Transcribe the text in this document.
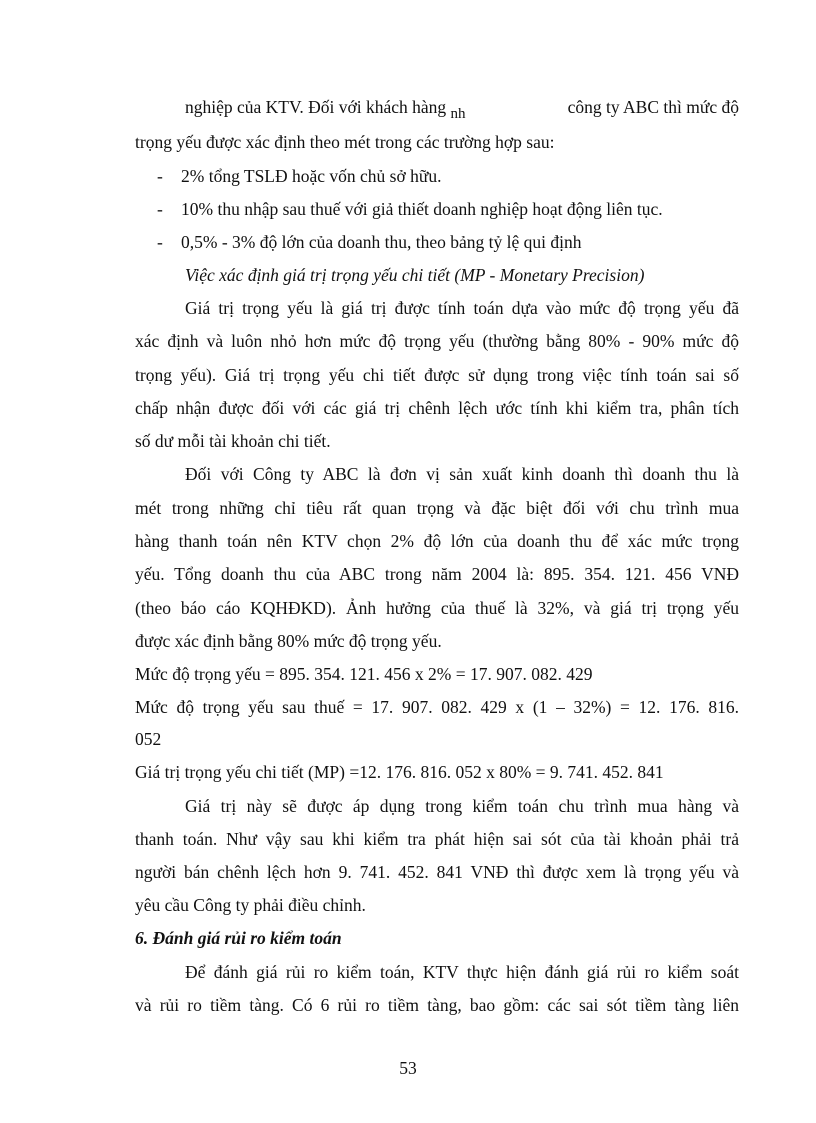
nghiệp của KTV. Đối với khách hàng nh	công ty ABC thì mức độ
trọng yếu được xác định theo mét trong các trường hợp sau:
- 2% tổng TSLĐ hoặc vốn chủ sở hữu.
- 10% thu nhập sau thuế với giả thiết doanh nghiệp hoạt động liên tục.
- 0,5% - 3% độ lớn của doanh thu, theo bảng tỷ lệ qui định
Việc xác định giá trị trọng yếu chi tiết (MP - Monetary Precision)
Giá trị trọng yếu là giá trị được tính toán dựa vào mức độ trọng yếu đã
xác định và luôn nhỏ hơn mức độ trọng yếu (thường bằng 80% - 90% mức độ
trọng yếu). Giá trị trọng yếu chi tiết được sử dụng trong việc tính toán sai số
chấp nhận được đối với các giá trị chênh lệch ước tính khi kiểm tra, phân tích
số dư mỗi tài khoản chi tiết.
Đối với Công ty ABC là đơn vị sản xuất kinh doanh thì doanh thu là
mét trong những chỉ tiêu rất quan trọng và đặc biệt đối với chu trình mua
hàng thanh toán nên KTV chọn 2% độ lớn của doanh thu để xác mức trọng
yếu. Tổng doanh thu của ABC trong năm 2004 là: 895. 354. 121. 456 VNĐ
(theo báo cáo KQHĐKD). Ảnh hưởng của thuế là 32%, và giá trị trọng yếu
được xác định bằng 80% mức độ trọng yếu.
Mức độ trọng yếu = 895. 354. 121. 456 x 2% = 17. 907. 082. 429
Mức độ trọng yếu sau thuế = 17. 907. 082. 429 x (1 – 32%) = 12. 176. 816.
052
Giá trị trọng yếu chi tiết (MP) =12. 176. 816. 052 x 80% = 9. 741. 452. 841
Giá trị này sẽ được áp dụng trong kiểm toán chu trình mua hàng và
thanh toán. Như vậy sau khi kiểm tra phát hiện sai sót của tài khoản phải trả
người bán chênh lệch hơn 9. 741. 452. 841 VNĐ thì được xem là trọng yếu và
yêu cầu Công ty phải điều chỉnh.
6. Đánh giá rủi ro kiểm toán
Để đánh giá rủi ro kiểm toán, KTV thực hiện đánh giá rủi ro kiểm soát
và rủi ro tiềm tàng. Có 6 rủi ro tiềm tàng, bao gồm: các sai sót tiềm tàng liên
53
